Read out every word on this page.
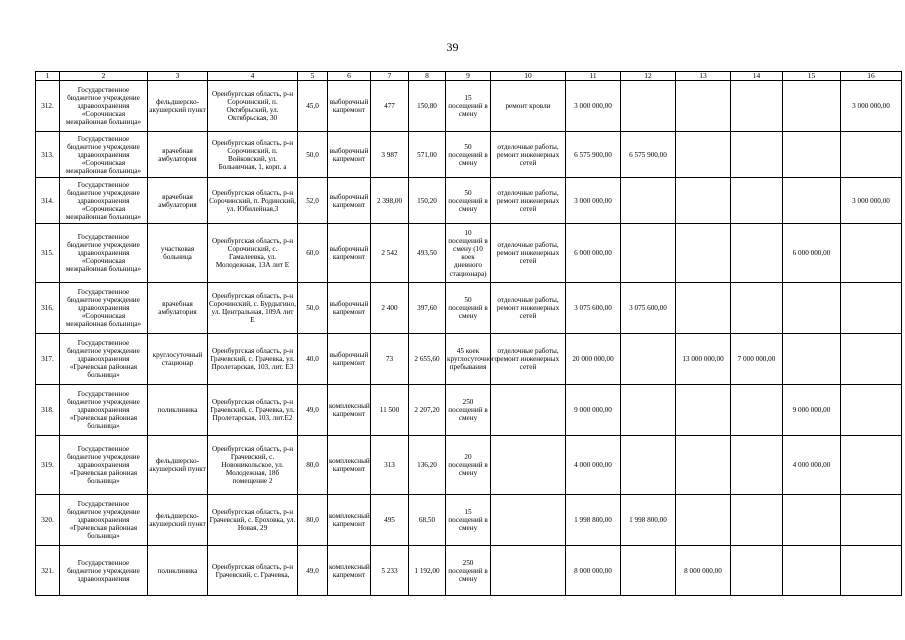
39
1	2	3	4	5	6	7	8	9	10	11	12	13	14	15	16
312.	Государственное бюджетное учреждение здравоохранения «Сорочинская межрайонная больница»	фельдшерско-акушерский пункт	Оренбургская область, р-н Сорочинский, п. Октябрьский, ул. Октябрьская, 30	45,0	выборочный капремонт	477	150,80	15 посещений в смену	ремонт кровли	3 000 000,00					3 000 000,00
313.	Государственное бюджетное учреждение здравоохранения «Сорочинская межрайонная больница»	врачебная амбулатория	Оренбургская область, р-н Сорочинский, п. Войковский, ул. Больничная, 1, корп. а	50,0	выборочный капремонт	3 987	571,00	50 посещений в смену	отделочные работы, ремонт инженерных сетей	6 575 900,00	6 575 900,00				
314.	Государственное бюджетное учреждение здравоохранения «Сорочинская межрайонная больница»	врачебная амбулатория	Оренбургская область, р-н Сорочинский, п. Родинский, ул. Юбилейная,3	52,0	выборочный капремонт	2 398,00	150,20	50 посещений в смену	отделочные работы, ремонт инженерных сетей	3 000 000,00					3 000 000,00
315.	Государственное бюджетное учреждение здравоохранения «Сорочинская межрайонная больница»	участковая больница	Оренбургская область, р-н Сорочинский, с. Гамалеевка, ул. Молодежная, 13А лит Е	60,0	выборочный капремонт	2 542	493,50	10 посещений в смену (10 коек дневного стационара)	отделочные работы, ремонт инженерных сетей	6 000 000,00				6 000 000,00	
316.	Государственное бюджетное учреждение здравоохранения «Сорочинская межрайонная больница»	врачебная амбулатория	Оренбургская область, р-н Сорочинский, с. Бурдыгино, ул. Центральная, 109А лит Е	50,0	выборочный капремонт	2 400	397,60	50 посещений в смену	отделочные работы, ремонт инженерных сетей	3 075 600,00	3 075 600,00				
317.	Государственное бюджетное учреждение здравоохранения «Грачевская районная больница»	круглосуточный стационар	Оренбургская область, р-н Грачевский, с. Грачевка, ул. Пролетарская, 103, лит. Е3	40,0	выборочный капремонт	73	2 655,60	45 коек круглосуточного пребывания	отделочные работы, ремонт инженерных сетей	20 000 000,00		13 000 000,00	7 000 000,00		
318.	Государственное бюджетное учреждение здравоохранения «Грачевская районная больница»	поликлиника	Оренбургская область, р-н Грачевский, с. Грачевка, ул. Пролетарская, 103, лит.Е2	49,0	комплексный капремонт	11 500	2 207,20	250 посещений в смену		9 000 000,00				9 000 000,00	
319.	Государственное бюджетное учреждение здравоохранения «Грачевская районная больница»	фельдшерско-акушерский пункт	Оренбургская область, р-н Грачевский, с. Новоникольское, ул. Молодежная, 18б помещение 2	80,0	комплексный капремонт	313	136,20	20 посещений в смену		4 000 000,00				4 000 000,00	
320.	Государственное бюджетное учреждение здравоохранения «Грачевская районная больница»	фельдшерско-акушерский пункт	Оренбургская область, р-н Грачевский, с. Ероховка, ул. Новая, 29	80,0	комплексный капремонт	495	68,50	15 посещений в смену		1 998 800,00	1 998 800,00				
321.	Государственное бюджетное учреждение здравоохранения	поликлиника	Оренбургская область, р-н Грачевский, с. Грачевка,	49,0	комплексный капремонт	5 233	1 192,00	250 посещений в смену		8 000 000,00		8 000 000,00			
